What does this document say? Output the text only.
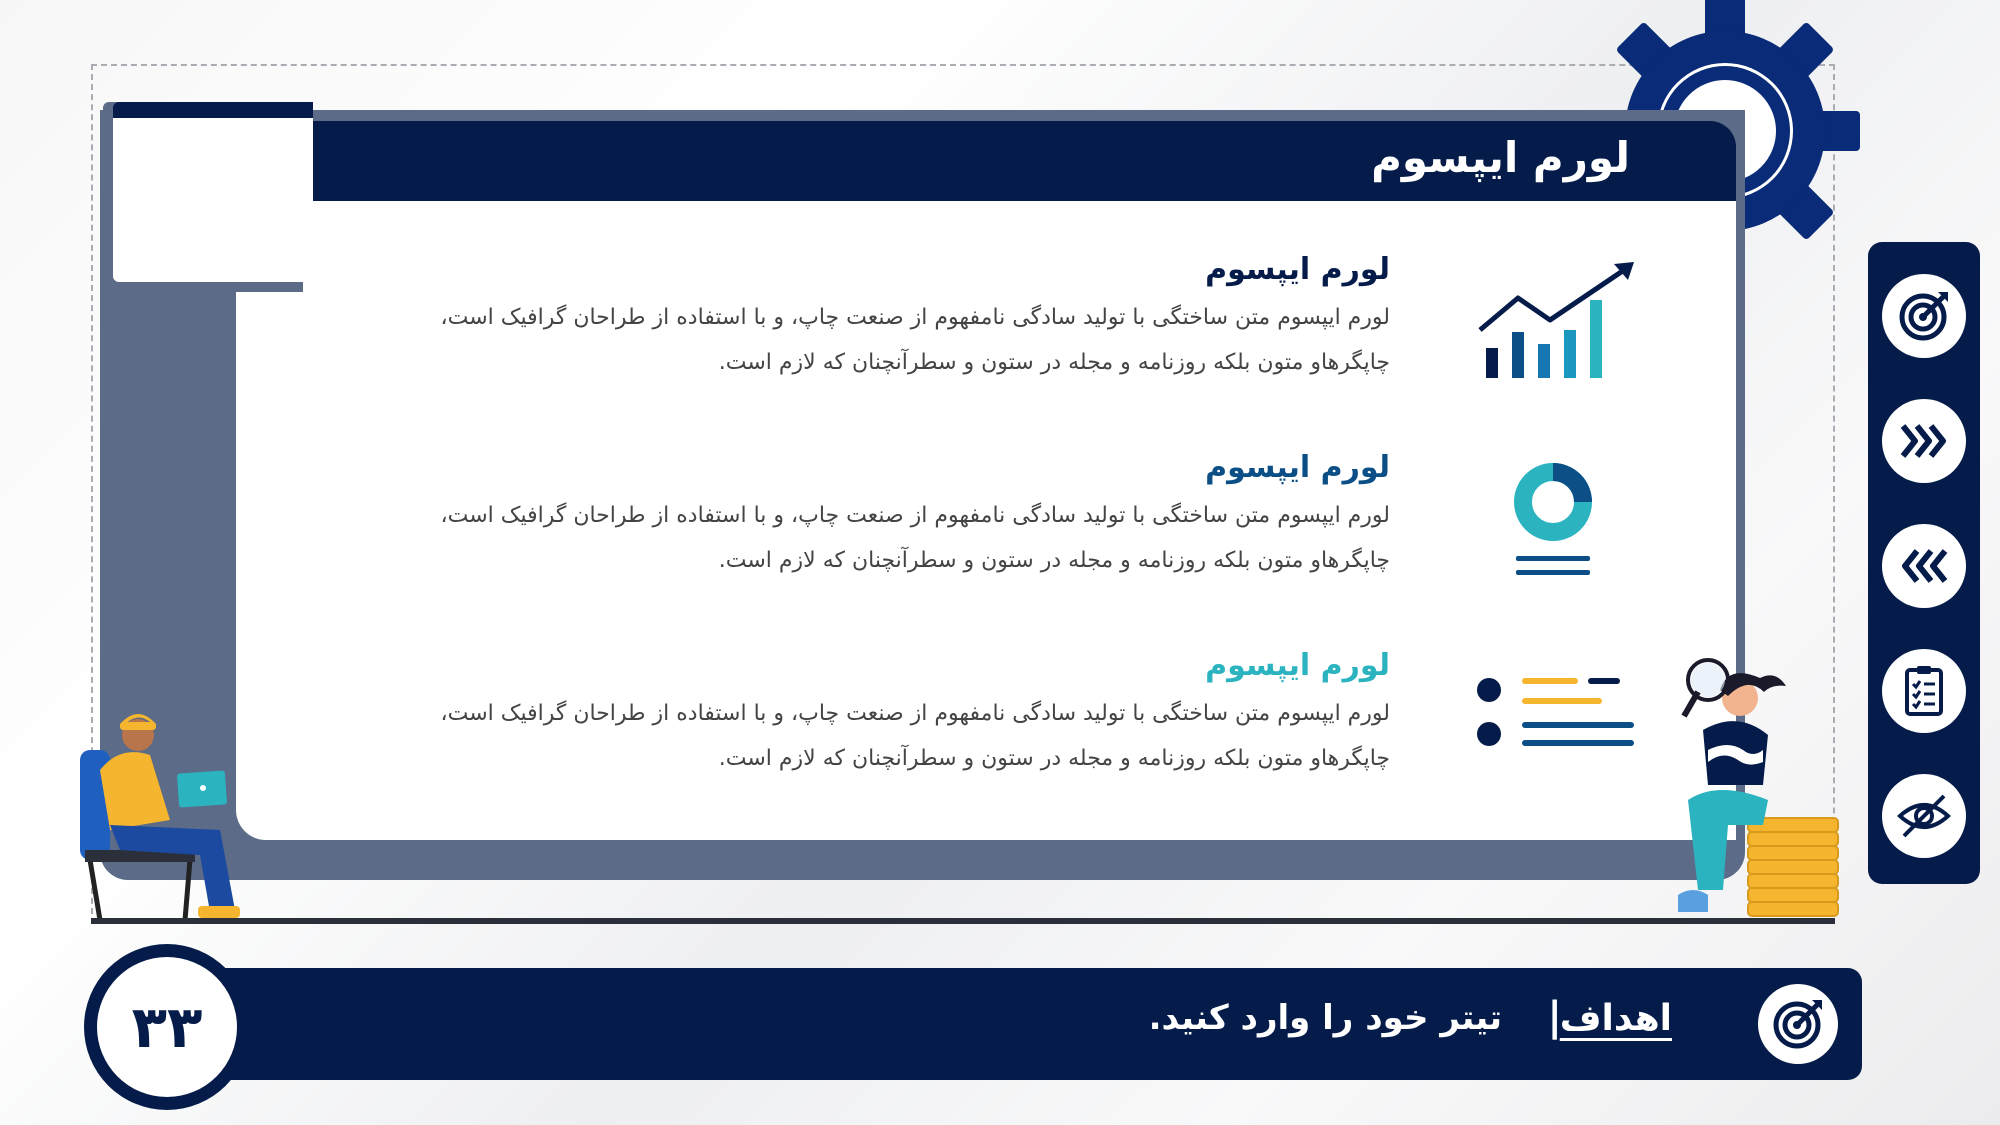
لورم ایپسوم

لورم ایپسوم

لورم ایپسوم متن ساختگی با تولید سادگی نامفهوم از صنعت چاپ، و با استفاده از طراحان گرافیک است،

چاپگرهاو متون بلکه روزنامه و مجله در ستون و سطرآنچنان که لازم است.

لورم ایپسوم

لورم ایپسوم متن ساختگی با تولید سادگی نامفهوم از صنعت چاپ، و با استفاده از طراحان گرافیک است،

چاپگرهاو متون بلکه روزنامه و مجله در ستون و سطرآنچنان که لازم است.

لورم ایپسوم

لورم ایپسوم متن ساختگی با تولید سادگی نامفهوم از صنعت چاپ، و با استفاده از طراحان گرافیک است،

چاپگرهاو متون بلکه روزنامه و مجله در ستون و سطرآنچنان که لازم است.

اهداف
|
تیتر خود را وارد کنید.
۳۳
